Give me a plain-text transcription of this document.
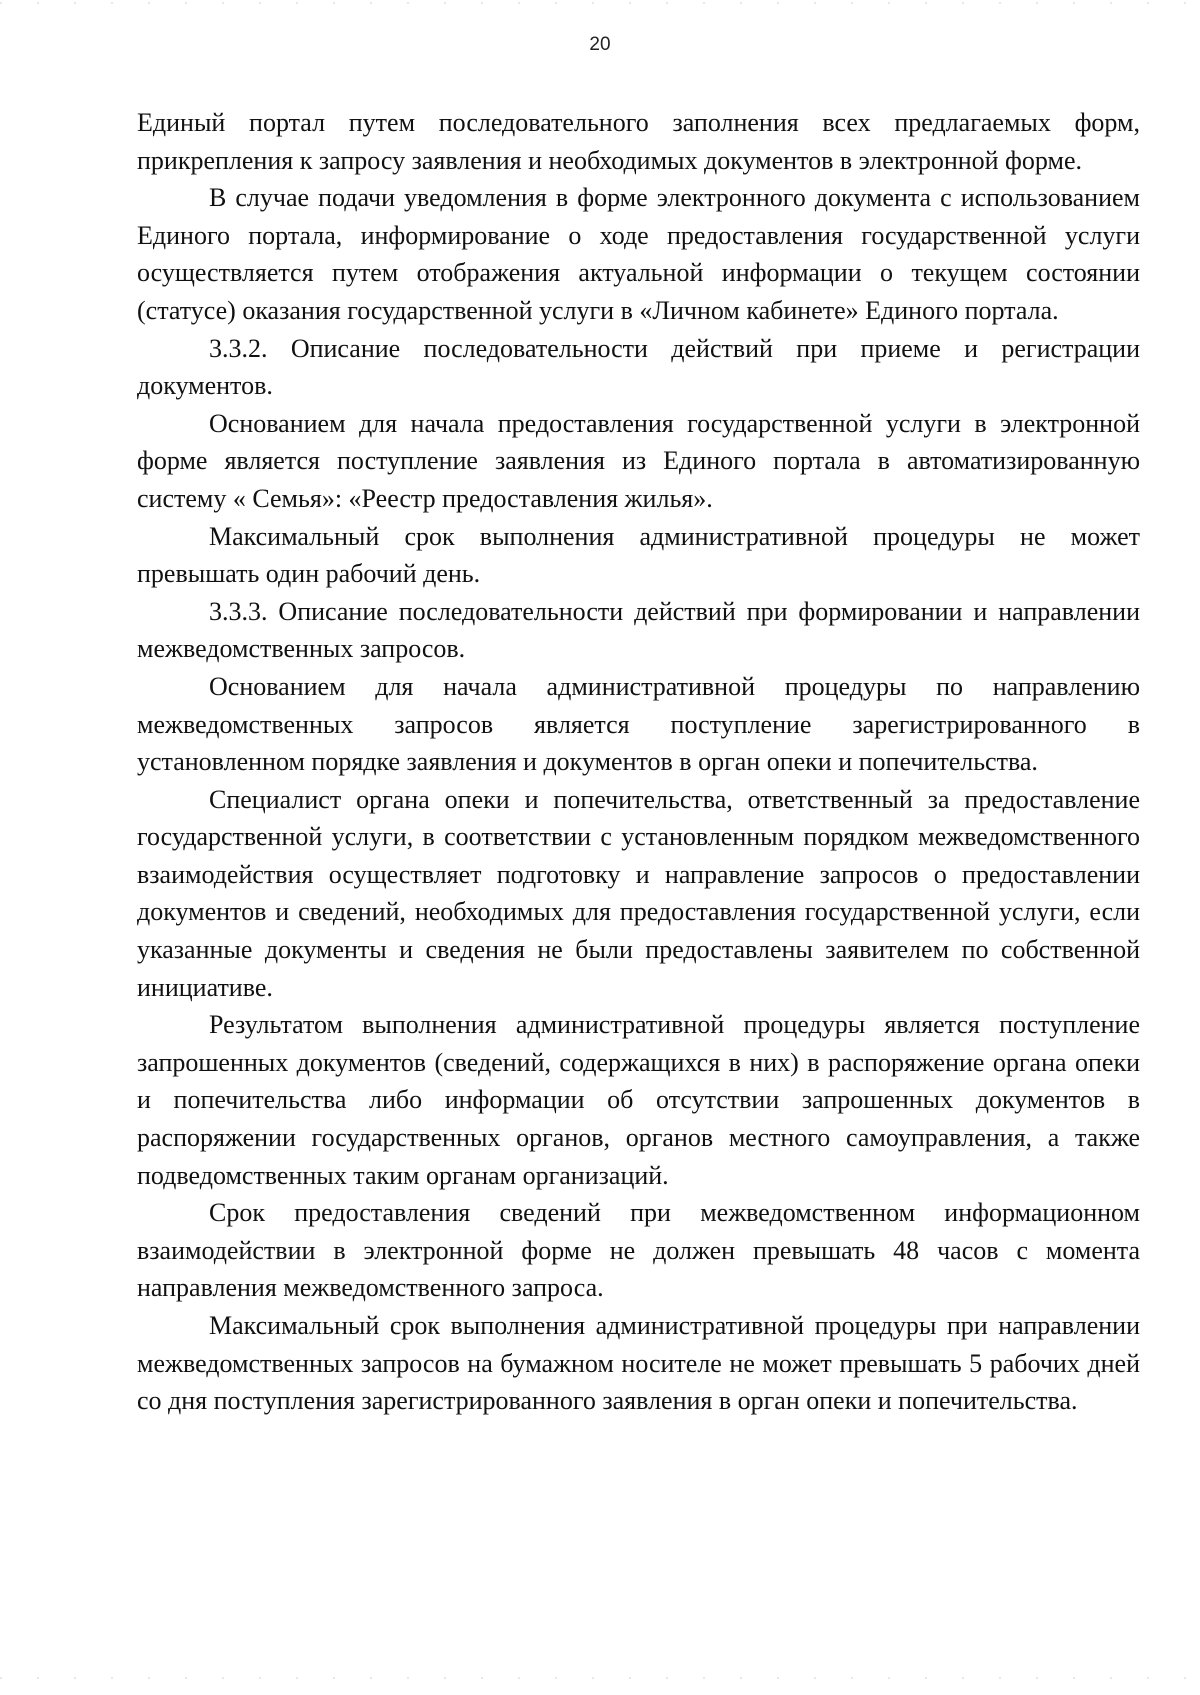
20

Единый портал путем последовательного заполнения всех предлагаемых форм, прикрепления к запросу заявления и необходимых документов в электронной форме.

В случае подачи уведомления в форме электронного документа с использованием Единого портала, информирование о ходе предоставления государственной услуги осуществляется путем отображения актуальной информации о текущем состоянии (статусе) оказания государственной услуги в «Личном кабинете» Единого портала.

3.3.2. Описание последовательности действий при приеме и регистрации документов.

Основанием для начала предоставления государственной услуги в электронной форме является поступление заявления из Единого портала в автоматизированную систему « Семья»: «Реестр предоставления жилья».

Максимальный срок выполнения административной процедуры не может превышать один рабочий день.

3.3.3. Описание последовательности действий при формировании и направлении межведомственных запросов.

Основанием для начала административной процедуры по направлению межведомственных запросов является поступление зарегистрированного в установленном порядке заявления и документов в орган опеки и попечительства.

Специалист органа опеки и попечительства, ответственный за предоставление государственной услуги, в соответствии с установленным порядком межведомственного взаимодействия осуществляет подготовку и направление запросов о предоставлении документов и сведений, необходимых для предоставления государственной услуги, если указанные документы и сведения не были предоставлены заявителем по собственной инициативе.

Результатом выполнения административной процедуры является поступление запрошенных документов (сведений, содержащихся в них) в распоряжение органа опеки и попечительства либо информации об отсутствии запрошенных документов в распоряжении государственных органов, органов местного самоуправления, а также подведомственных таким органам организаций.

Срок предоставления сведений при межведомственном информационном взаимодействии в электронной форме не должен превышать 48 часов с момента направления межведомственного запроса.

Максимальный срок выполнения административной процедуры при направлении межведомственных запросов на бумажном носителе не может превышать 5 рабочих дней со дня поступления зарегистрированного заявления в орган опеки и попечительства.
